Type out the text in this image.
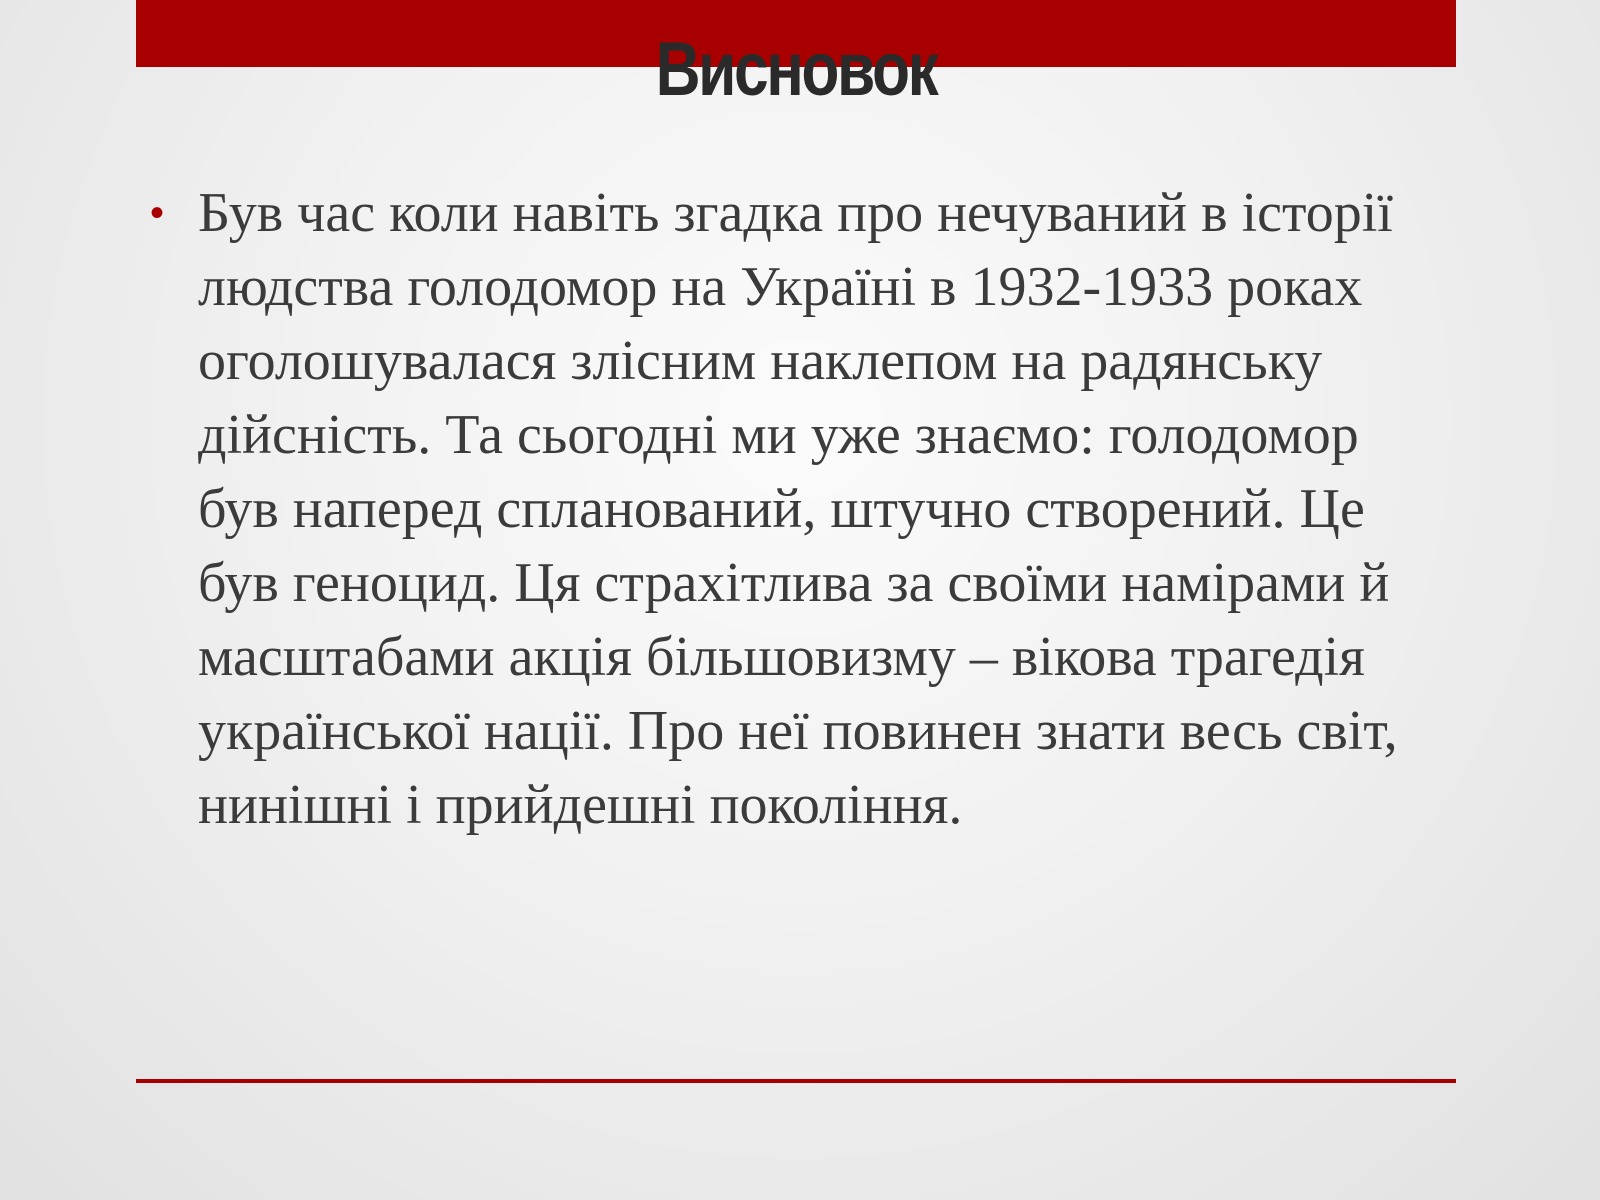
Висновок
• Був час коли навіть згадка про нечуваний в історії людства голодомор на Україні в 1932-1933 роках оголошувалася злісним наклепом на радянську дійсність. Та сьогодні ми уже знаємо: голодомор був наперед спланований, штучно створений. Це був геноцид. Ця страхітлива за своїми намірами й масштабами акція більшовизму – вікова трагедія української нації. Про неї повинен знати весь світ, нинішні і прийдешні покоління.
